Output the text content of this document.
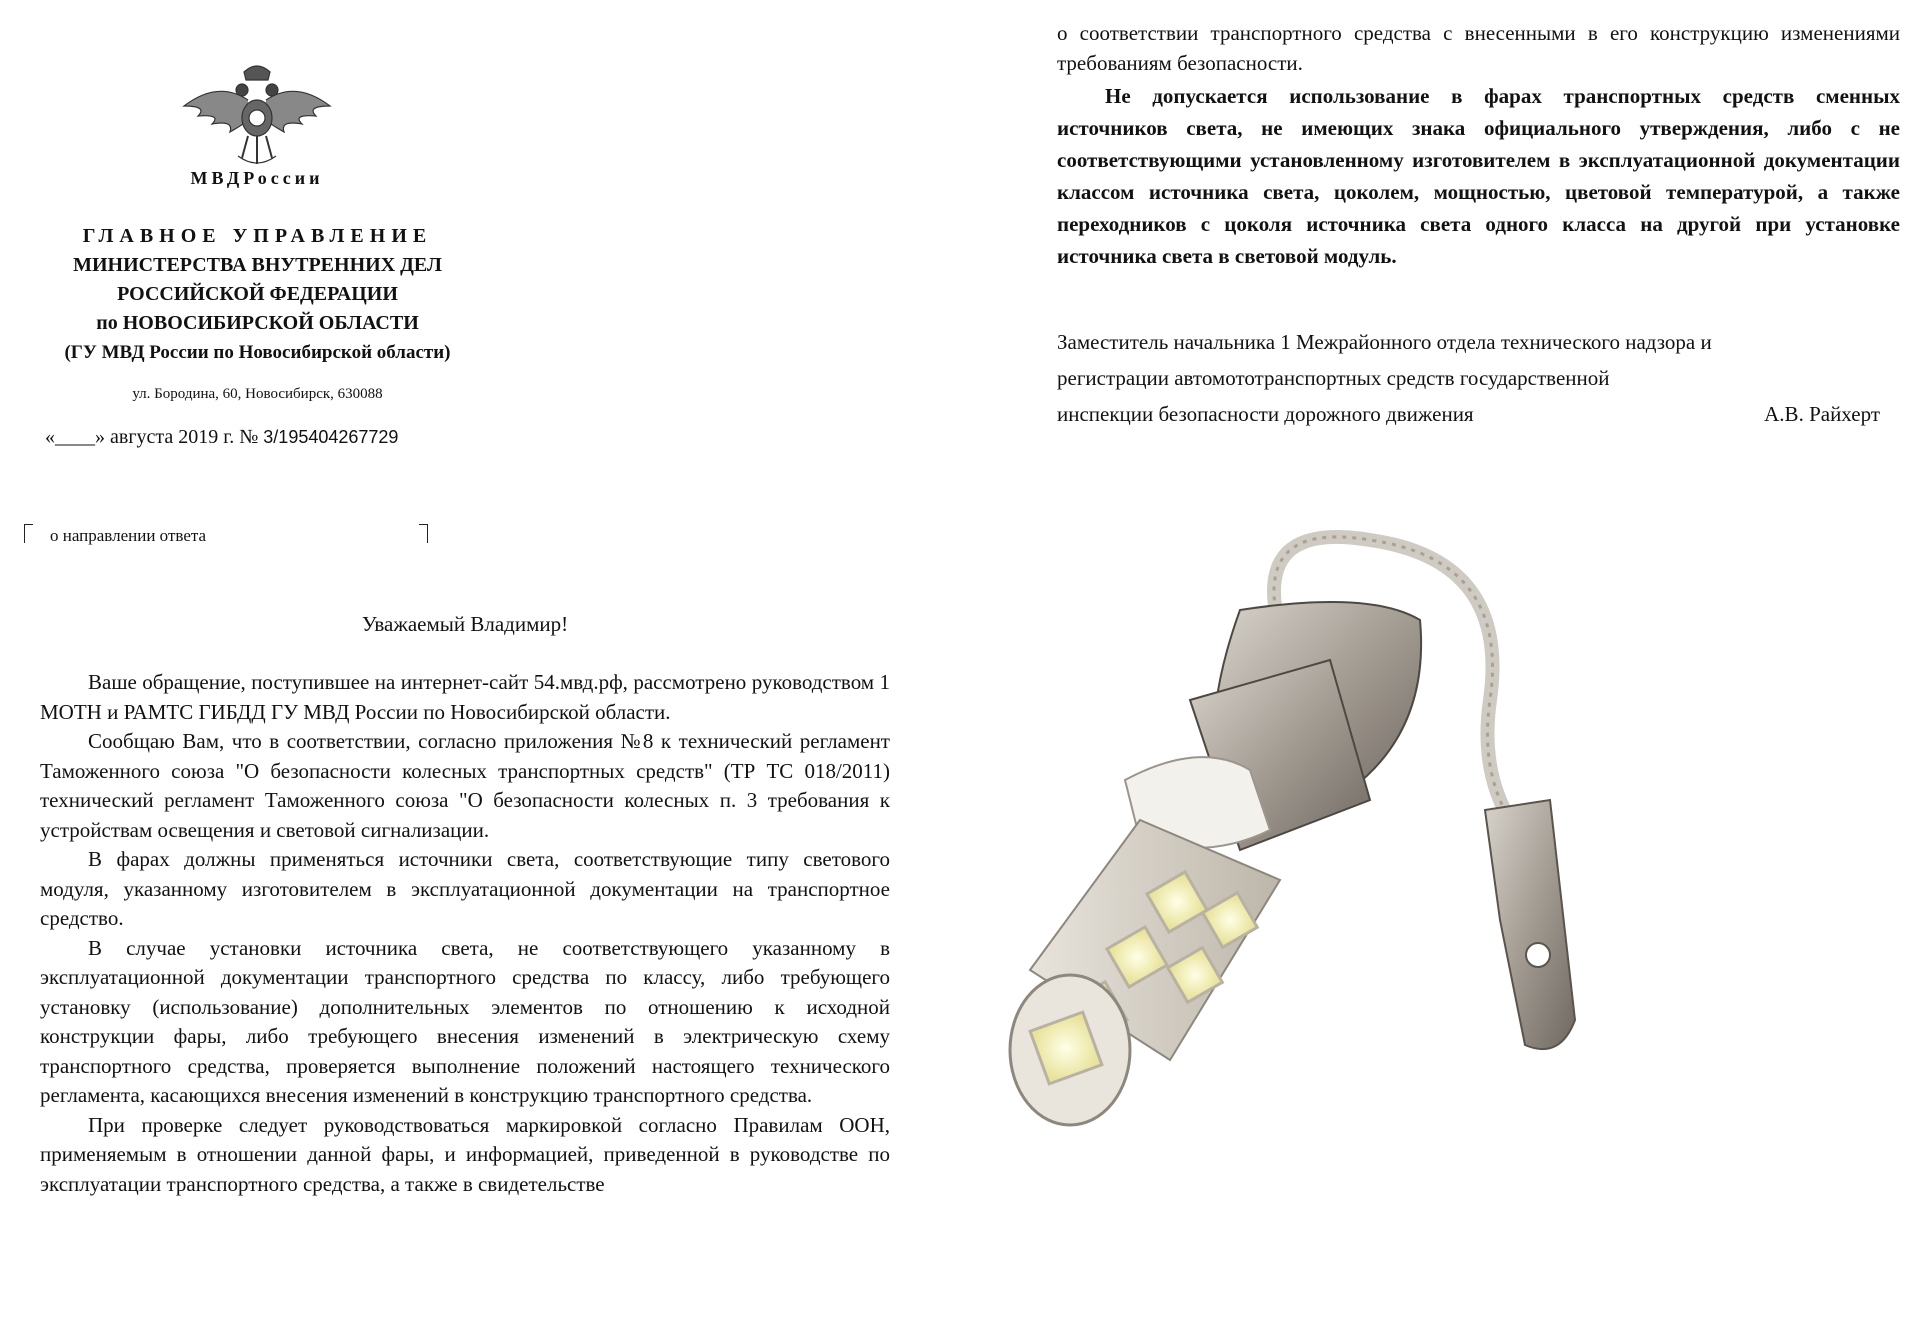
МВДРоссии
ГЛАВНОЕ УПРАВЛЕНИЕ
МИНИСТЕРСТВА ВНУТРЕННИХ ДЕЛ
РОССИЙСКОЙ ФЕДЕРАЦИИ
по НОВОСИБИРСКОЙ ОБЛАСТИ
(ГУ МВД России по Новосибирской области)
ул. Бородина, 60, Новосибирск, 630088
«____» августа 2019 г. № 3/195404267729
о направлении ответа
Уважаемый Владимир!

Ваше обращение, поступившее на интернет-сайт 54.мвд.рф, рассмотрено руководством 1 МОТН и РАМТС ГИБДД ГУ МВД России по Новосибирской области.

Сообщаю Вам, что в соответствии, согласно приложения №8 к технический регламент Таможенного союза "О безопасности колесных транспортных средств" (ТР ТС 018/2011) технический регламент Таможенного союза "О безопасности колесных п. 3 требования к устройствам освещения и световой сигнализации.

В фарах должны применяться источники света, соответствующие типу светового модуля, указанному изготовителем в эксплуатационной документации на транспортное средство.

В случае установки источника света, не соответствующего указанному в эксплуатационной документации транспортного средства по классу, либо требующего установку (использование) дополнительных элементов по отношению к исходной конструкции фары, либо требующего внесения изменений в электрическую схему транспортного средства, проверяется выполнение положений настоящего технического регламента, касающихся внесения изменений в конструкцию транспортного средства.

При проверке следует руководствоваться маркировкой согласно Правилам ООН, применяемым в отношении данной фары, и информацией, приведенной в руководстве по эксплуатации транспортного средства, а также в свидетельстве

о соответствии транспортного средства с внесенными в его конструкцию изменениями требованиям безопасности.

Не допускается использование в фарах транспортных средств сменных источников света, не имеющих знака официального утверждения, либо с не соответствующими установленному изготовителем в эксплуатационной документации классом источника света, цоколем, мощностью, цветовой температурой, а также переходников с цоколя источника света одного класса на другой при установке источника света в световой модуль.

Заместитель начальника 1 Межрайонного отдела технического надзора и
регистрации автомототранспортных средств государственной
инспекции безопасности дорожного движения	А.В. Райхерт
